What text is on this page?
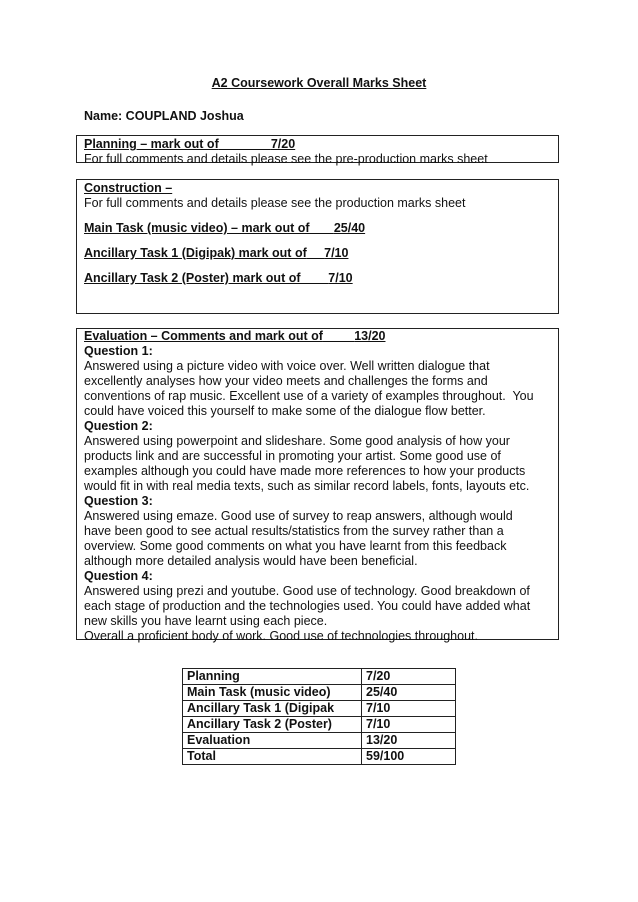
A2 Coursework Overall Marks Sheet
Name: COUPLAND Joshua
Planning – mark out of	7/20
For full comments and details please see the pre-production marks sheet
Construction –
For full comments and details please see the production marks sheet
Main Task (music video) – mark out of 25/40
Ancillary Task 1 (Digipak) mark out of 7/10
Ancillary Task 2 (Poster) mark out of 7/10
Evaluation – Comments and mark out of	13/20
Question 1:
Answered using a picture video with voice over. Well written dialogue that
excellently analyses how your video meets and challenges the forms and
conventions of rap music. Excellent use of a variety of examples throughout.  You
could have voiced this yourself to make some of the dialogue flow better.
Question 2:
Answered using powerpoint and slideshare. Some good analysis of how your
products link and are successful in promoting your artist. Some good use of
examples although you could have made more references to how your products
would fit in with real media texts, such as similar record labels, fonts, layouts etc.
Question 3:
Answered using emaze. Good use of survey to reap answers, although would
have been good to see actual results/statistics from the survey rather than a
overview. Some good comments on what you have learnt from this feedback
although more detailed analysis would have been beneficial.
Question 4:
Answered using prezi and youtube. Good use of technology. Good breakdown of
each stage of production and the technologies used. You could have added what
new skills you have learnt using each piece.
Overall a proficient body of work. Good use of technologies throughout.
Planning	7/20
Main Task (music video)	25/40
Ancillary Task 1 (Digipak	7/10
Ancillary Task 2 (Poster)	7/10
Evaluation	13/20
Total	59/100
